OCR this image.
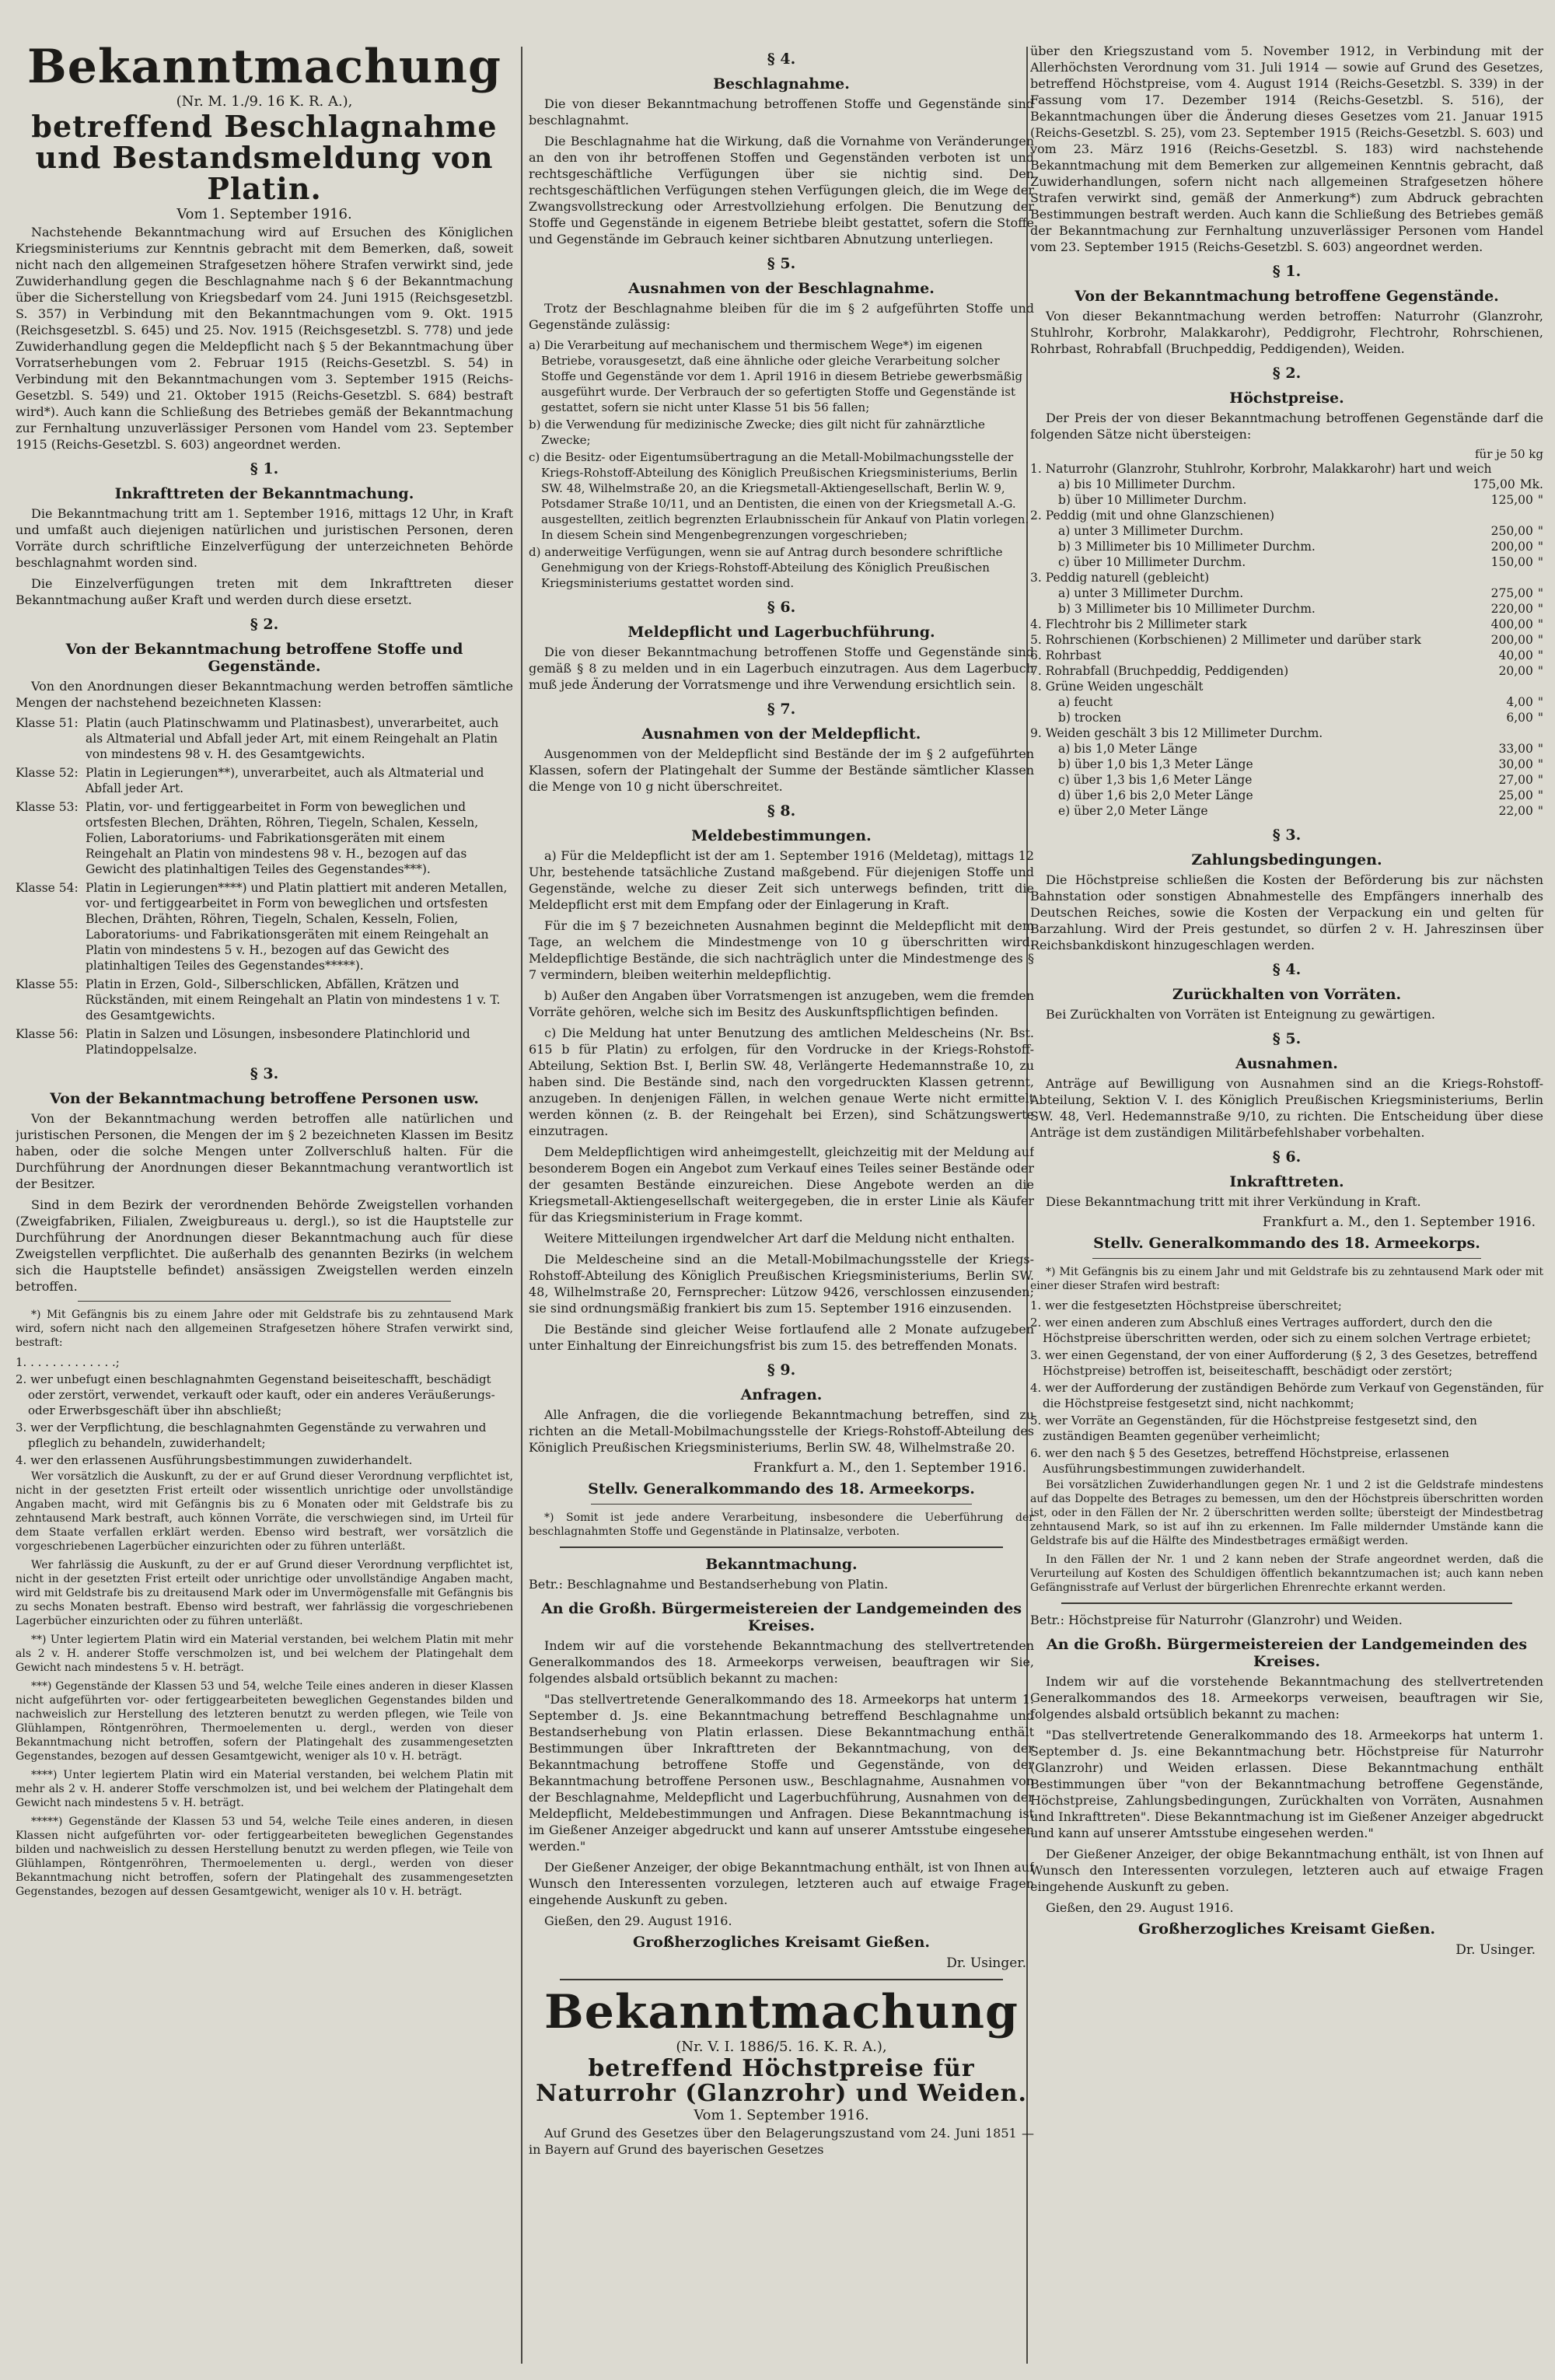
Bekanntmachung
(Nr. M. 1./9. 16 K. R. A.),
betreffend Beschlagnahme und Bestandsmeldung von Platin.
Vom 1. September 1916.

Nachstehende Bekanntmachung wird auf Ersuchen des Königlichen Kriegsministeriums zur Kenntnis gebracht mit dem Bemerken, daß, soweit nicht nach den allgemeinen Strafgesetzen höhere Strafen verwirkt sind, jede Zuwiderhandlung gegen die Beschlagnahme nach § 6 der Bekanntmachung über die Sicherstellung von Kriegsbedarf vom 24. Juni 1915 (Reichsgesetzbl. S. 357) in Verbindung mit den Bekanntmachungen vom 9. Okt. 1915 (Reichsgesetzbl. S. 645) und 25. Nov. 1915 (Reichsgesetzbl. S. 778) und jede Zuwiderhandlung gegen die Meldepflicht nach § 5 der Bekanntmachung über Vorratserhebungen vom 2. Februar 1915 (Reichs-Gesetzbl. S. 54) in Verbindung mit den Bekanntmachungen vom 3. September 1915 (Reichs-Gesetzbl. S. 549) und 21. Oktober 1915 (Reichs-Gesetzbl. S. 684) bestraft wird*). Auch kann die Schließung des Betriebes gemäß der Bekanntmachung zur Fernhaltung unzuverlässiger Personen vom Handel vom 23. September 1915 (Reichs-Gesetzbl. S. 603) angeordnet werden.

§ 1.
Inkrafttreten der Bekanntmachung.

Die Bekanntmachung tritt am 1. September 1916, mittags 12 Uhr, in Kraft und umfaßt auch diejenigen natürlichen und juristischen Personen, deren Vorräte durch schriftliche Einzelverfügung der unterzeichneten Behörde beschlagnahmt worden sind.

Die Einzelverfügungen treten mit dem Inkrafttreten dieser Bekanntmachung außer Kraft und werden durch diese ersetzt.

§ 2.
Von der Bekanntmachung betroffene Stoffe und Gegenstände.

Von den Anordnungen dieser Bekanntmachung werden betroffen sämtliche Mengen der nachstehend bezeichneten Klassen:

Klasse 51: Platin (auch Platinschwamm und Platinasbest), unverarbeitet, auch als Altmaterial und Abfall jeder Art, mit einem Reingehalt an Platin von mindestens 98 v. H. des Gesamtgewichts.
Klasse 52: Platin in Legierungen**), unverarbeitet, auch als Altmaterial und Abfall jeder Art.
Klasse 53: Platin, vor- und fertiggearbeitet in Form von beweglichen und ortsfesten Blechen, Drähten, Röhren, Tiegeln, Schalen, Kesseln, Folien, Laboratoriums- und Fabrikationsgeräten mit einem Reingehalt an Platin von mindestens 98 v. H., bezogen auf das Gewicht des platinhaltigen Teiles des Gegenstandes***).
Klasse 54: Platin in Legierungen****) und Platin plattiert mit anderen Metallen, vor- und fertiggearbeitet in Form von beweglichen und ortsfesten Blechen, Drähten, Röhren, Tiegeln, Schalen, Kesseln, Folien, Laboratoriums- und Fabrikationsgeräten mit einem Reingehalt an Platin von mindestens 5 v. H., bezogen auf das Gewicht des platinhaltigen Teiles des Gegenstandes*****).
Klasse 55: Platin in Erzen, Gold-, Silberschlicken, Abfällen, Krätzen und Rückständen, mit einem Reingehalt an Platin von mindestens 1 v. T. des Gesamtgewichts.
Klasse 56: Platin in Salzen und Lösungen, insbesondere Platinchlorid und Platindoppelsalze.
§ 3.
Von der Bekanntmachung betroffene Personen usw.

Von der Bekanntmachung werden betroffen alle natürlichen und juristischen Personen, die Mengen der im § 2 bezeichneten Klassen im Besitz haben, oder die solche Mengen unter Zollverschluß halten. Für die Durchführung der Anordnungen dieser Bekanntmachung verantwortlich ist der Besitzer.

Sind in dem Bezirk der verordnenden Behörde Zweigstellen vorhanden (Zweigfabriken, Filialen, Zweigbureaus u. dergl.), so ist die Hauptstelle zur Durchführung der Anordnungen dieser Bekanntmachung auch für diese Zweigstellen verpflichtet. Die außerhalb des genannten Bezirks (in welchem sich die Hauptstelle befindet) ansässigen Zweigstellen werden einzeln betroffen.

*) Mit Gefängnis bis zu einem Jahre oder mit Geldstrafe bis zu zehntausend Mark wird, sofern nicht nach den allgemeinen Strafgesetzen höhere Strafen verwirkt sind, bestraft:

1. . . . . . . . . . . . .;
2. wer unbefugt einen beschlagnahmten Gegenstand beiseiteschafft, beschädigt oder zerstört, verwendet, verkauft oder kauft, oder ein anderes Veräußerungs- oder Erwerbsgeschäft über ihn abschließt;
3. wer der Verpflichtung, die beschlagnahmten Gegenstände zu verwahren und pfleglich zu behandeln, zuwiderhandelt;
4. wer den erlassenen Ausführungsbestimmungen zuwiderhandelt.

Wer vorsätzlich die Auskunft, zu der er auf Grund dieser Verordnung verpflichtet ist, nicht in der gesetzten Frist erteilt oder wissentlich unrichtige oder unvollständige Angaben macht, wird mit Gefängnis bis zu 6 Monaten oder mit Geldstrafe bis zu zehntausend Mark bestraft, auch können Vorräte, die verschwiegen sind, im Urteil für dem Staate verfallen erklärt werden. Ebenso wird bestraft, wer vorsätzlich die vorgeschriebenen Lagerbücher einzurichten oder zu führen unterläßt.

Wer fahrlässig die Auskunft, zu der er auf Grund dieser Verordnung verpflichtet ist, nicht in der gesetzten Frist erteilt oder unrichtige oder unvollständige Angaben macht, wird mit Geldstrafe bis zu dreitausend Mark oder im Unvermögensfalle mit Gefängnis bis zu sechs Monaten bestraft. Ebenso wird bestraft, wer fahrlässig die vorgeschriebenen Lagerbücher einzurichten oder zu führen unterläßt.

**) Unter legiertem Platin wird ein Material verstanden, bei welchem Platin mit mehr als 2 v. H. anderer Stoffe verschmolzen ist, und bei welchem der Platingehalt dem Gewicht nach mindestens 5 v. H. beträgt.

***) Gegenstände der Klassen 53 und 54, welche Teile eines anderen in dieser Klassen nicht aufgeführten vor- oder fertiggearbeiteten beweglichen Gegenstandes bilden und nachweislich zur Herstellung des letzteren benutzt zu werden pflegen, wie Teile von Glühlampen, Röntgenröhren, Thermoelementen u. dergl., werden von dieser Bekanntmachung nicht betroffen, sofern der Platingehalt des zusammengesetzten Gegenstandes, bezogen auf dessen Gesamtgewicht, weniger als 10 v. H. beträgt.

****) Unter legiertem Platin wird ein Material verstanden, bei welchem Platin mit mehr als 2 v. H. anderer Stoffe verschmolzen ist, und bei welchem der Platingehalt dem Gewicht nach mindestens 5 v. H. beträgt.

*****) Gegenstände der Klassen 53 und 54, welche Teile eines anderen, in diesen Klassen nicht aufgeführten vor- oder fertiggearbeiteten beweglichen Gegenstandes bilden und nachweislich zu dessen Herstellung benutzt zu werden pflegen, wie Teile von Glühlampen, Röntgenröhren, Thermoelementen u. dergl., werden von dieser Bekanntmachung nicht betroffen, sofern der Platingehalt des zusammengesetzten Gegenstandes, bezogen auf dessen Gesamtgewicht, weniger als 10 v. H. beträgt.

§ 4.
Beschlagnahme.

Die von dieser Bekanntmachung betroffenen Stoffe und Gegenstände sind beschlagnahmt.

Die Beschlagnahme hat die Wirkung, daß die Vornahme von Veränderungen an den von ihr betroffenen Stoffen und Gegenständen verboten ist und rechtsgeschäftliche Verfügungen über sie nichtig sind. Den rechtsgeschäftlichen Verfügungen stehen Verfügungen gleich, die im Wege der Zwangsvollstreckung oder Arrestvollziehung erfolgen. Die Benutzung der Stoffe und Gegenstände in eigenem Betriebe bleibt gestattet, sofern die Stoffe und Gegenstände im Gebrauch keiner sichtbaren Abnutzung unterliegen.

§ 5.
Ausnahmen von der Beschlagnahme.

Trotz der Beschlagnahme bleiben für die im § 2 aufgeführten Stoffe und Gegenstände zulässig:

a) Die Verarbeitung auf mechanischem und thermischem Wege*) im eigenen Betriebe, vorausgesetzt, daß eine ähnliche oder gleiche Verarbeitung solcher Stoffe und Gegenstände vor dem 1. April 1916 in diesem Betriebe gewerbsmäßig ausgeführt wurde. Der Verbrauch der so gefertigten Stoffe und Gegenstände ist gestattet, sofern sie nicht unter Klasse 51 bis 56 fallen;
b) die Verwendung für medizinische Zwecke; dies gilt nicht für zahnärztliche Zwecke;
c) die Besitz- oder Eigentumsübertragung an die Metall-Mobilmachungsstelle der Kriegs-Rohstoff-Abteilung des Königlich Preußischen Kriegsministeriums, Berlin SW. 48, Wilhelmstraße 20, an die Kriegsmetall-Aktiengesellschaft, Berlin W. 9, Potsdamer Straße 10/11, und an Dentisten, die einen von der Kriegsmetall A.-G. ausgestellten, zeitlich begrenzten Erlaubnisschein für Ankauf von Platin vorlegen. In diesem Schein sind Mengenbegrenzungen vorgeschrieben;
d) anderweitige Verfügungen, wenn sie auf Antrag durch besondere schriftliche Genehmigung von der Kriegs-Rohstoff-Abteilung des Königlich Preußischen Kriegsministeriums gestattet worden sind.
§ 6.
Meldepflicht und Lagerbuchführung.

Die von dieser Bekanntmachung betroffenen Stoffe und Gegenstände sind gemäß § 8 zu melden und in ein Lagerbuch einzutragen. Aus dem Lagerbuch muß jede Änderung der Vorratsmenge und ihre Verwendung ersichtlich sein.

§ 7.
Ausnahmen von der Meldepflicht.

Ausgenommen von der Meldepflicht sind Bestände der im § 2 aufgeführten Klassen, sofern der Platingehalt der Summe der Bestände sämtlicher Klassen die Menge von 10 g nicht überschreitet.

§ 8.
Meldebestimmungen.

a) Für die Meldepflicht ist der am 1. September 1916 (Meldetag), mittags 12 Uhr, bestehende tatsächliche Zustand maßgebend. Für diejenigen Stoffe und Gegenstände, welche zu dieser Zeit sich unterwegs befinden, tritt die Meldepflicht erst mit dem Empfang oder der Einlagerung in Kraft.

Für die im § 7 bezeichneten Ausnahmen beginnt die Meldepflicht mit dem Tage, an welchem die Mindestmenge von 10 g überschritten wird. Meldepflichtige Bestände, die sich nachträglich unter die Mindestmenge des § 7 vermindern, bleiben weiterhin meldepflichtig.

b) Außer den Angaben über Vorratsmengen ist anzugeben, wem die fremden Vorräte gehören, welche sich im Besitz des Auskunftspflichtigen befinden.

c) Die Meldung hat unter Benutzung des amtlichen Meldescheins (Nr. Bst. 615 b für Platin) zu erfolgen, für den Vordrucke in der Kriegs-Rohstoff-Abteilung, Sektion Bst. I, Berlin SW. 48, Verlängerte Hedemannstraße 10, zu haben sind. Die Bestände sind, nach den vorgedruckten Klassen getrennt, anzugeben. In denjenigen Fällen, in welchen genaue Werte nicht ermittelt werden können (z. B. der Reingehalt bei Erzen), sind Schätzungswerte einzutragen.

Dem Meldepflichtigen wird anheimgestellt, gleichzeitig mit der Meldung auf besonderem Bogen ein Angebot zum Verkauf eines Teiles seiner Bestände oder der gesamten Bestände einzureichen. Diese Angebote werden an die Kriegsmetall-Aktiengesellschaft weitergegeben, die in erster Linie als Käufer für das Kriegsministerium in Frage kommt.

Weitere Mitteilungen irgendwelcher Art darf die Meldung nicht enthalten.

Die Meldescheine sind an die Metall-Mobilmachungsstelle der Kriegs-Rohstoff-Abteilung des Königlich Preußischen Kriegsministeriums, Berlin SW. 48, Wilhelmstraße 20, Fernsprecher: Lützow 9426, verschlossen einzusenden; sie sind ordnungsmäßig frankiert bis zum 15. September 1916 einzusenden.

Die Bestände sind gleicher Weise fortlaufend alle 2 Monate aufzugeben unter Einhaltung der Einreichungsfrist bis zum 15. des betreffenden Monats.

§ 9.
Anfragen.

Alle Anfragen, die die vorliegende Bekanntmachung betreffen, sind zu richten an die Metall-Mobilmachungsstelle der Kriegs-Rohstoff-Abteilung des Königlich Preußischen Kriegsministeriums, Berlin SW. 48, Wilhelmstraße 20.

Frankfurt a. M., den 1. September 1916.
Stellv. Generalkommando des 18. Armeekorps.

*) Somit ist jede andere Verarbeitung, insbesondere die Ueberführung der beschlagnahmten Stoffe und Gegenstände in Platinsalze, verboten.

Bekanntmachung.

Betr.: Beschlagnahme und Bestandserhebung von Platin.

An die Großh. Bürgermeistereien der Landgemeinden des Kreises.

Indem wir auf die vorstehende Bekanntmachung des stellvertretenden Generalkommandos des 18. Armeekorps verweisen, beauftragen wir Sie, folgendes alsbald ortsüblich bekannt zu machen:

"Das stellvertretende Generalkommando des 18. Armeekorps hat unterm 1. September d. Js. eine Bekanntmachung betreffend Beschlagnahme und Bestandserhebung von Platin erlassen. Diese Bekanntmachung enthält Bestimmungen über Inkrafttreten der Bekanntmachung, von der Bekanntmachung betroffene Stoffe und Gegenstände, von der Bekanntmachung betroffene Personen usw., Beschlagnahme, Ausnahmen von der Beschlagnahme, Meldepflicht und Lagerbuchführung, Ausnahmen von der Meldepflicht, Meldebestimmungen und Anfragen. Diese Bekanntmachung ist im Gießener Anzeiger abgedruckt und kann auf unserer Amtsstube eingesehen werden."

Der Gießener Anzeiger, der obige Bekanntmachung enthält, ist von Ihnen auf Wunsch den Interessenten vorzulegen, letzteren auch auf etwaige Fragen eingehende Auskunft zu geben.

Gießen, den 29. August 1916.

Großherzogliches Kreisamt Gießen.
Dr. Usinger.
Bekanntmachung
(Nr. V. I. 1886/5. 16. K. R. A.),
betreffend Höchstpreise für Naturrohr (Glanzrohr) und Weiden.
Vom 1. September 1916.

Auf Grund des Gesetzes über den Belagerungszustand vom 24. Juni 1851 — in Bayern auf Grund des bayerischen Gesetzes

über den Kriegszustand vom 5. November 1912, in Verbindung mit der Allerhöchsten Verordnung vom 31. Juli 1914 — sowie auf Grund des Gesetzes, betreffend Höchstpreise, vom 4. August 1914 (Reichs-Gesetzbl. S. 339) in der Fassung vom 17. Dezember 1914 (Reichs-Gesetzbl. S. 516), der Bekanntmachungen über die Änderung dieses Gesetzes vom 21. Januar 1915 (Reichs-Gesetzbl. S. 25), vom 23. September 1915 (Reichs-Gesetzbl. S. 603) und vom 23. März 1916 (Reichs-Gesetzbl. S. 183) wird nachstehende Bekanntmachung mit dem Bemerken zur allgemeinen Kenntnis gebracht, daß Zuwiderhandlungen, sofern nicht nach allgemeinen Strafgesetzen höhere Strafen verwirkt sind, gemäß der Anmerkung*) zum Abdruck gebrachten Bestimmungen bestraft werden. Auch kann die Schließung des Betriebes gemäß der Bekanntmachung zur Fernhaltung unzuverlässiger Personen vom Handel vom 23. September 1915 (Reichs-Gesetzbl. S. 603) angeordnet werden.

§ 1.
Von der Bekanntmachung betroffene Gegenstände.

Von dieser Bekanntmachung werden betroffen: Naturrohr (Glanzrohr, Stuhlrohr, Korbrohr, Malakkarohr), Peddigrohr, Flechtrohr, Rohrschienen, Rohrbast, Rohrabfall (Bruchpeddig, Peddigenden), Weiden.

§ 2.
Höchstpreise.

Der Preis der von dieser Bekanntmachung betroffenen Gegenstände darf die folgenden Sätze nicht übersteigen:

für je 50 kg
1. Naturrohr (Glanzrohr, Stuhlrohr, Korbrohr, Malakkarohr) hart und weich
a) bis 10 Millimeter Durchm.	175,00 Mk.
b) über 10 Millimeter Durchm.	125,00 "
2. Peddig (mit und ohne Glanzschienen)
a) unter 3 Millimeter Durchm.	250,00 "
b) 3 Millimeter bis 10 Millimeter Durchm.	200,00 "
c) über 10 Millimeter Durchm.	150,00 "
3. Peddig naturell (gebleicht)
a) unter 3 Millimeter Durchm.	275,00 "
b) 3 Millimeter bis 10 Millimeter Durchm.	220,00 "
4. Flechtrohr bis 2 Millimeter stark	400,00 "
5. Rohrschienen (Korbschienen) 2 Millimeter und darüber stark	200,00 "
6. Rohrbast	40,00 "
7. Rohrabfall (Bruchpeddig, Peddigenden)	20,00 "
8. Grüne Weiden ungeschält
a) feucht	4,00 "
b) trocken	6,00 "
9. Weiden geschält 3 bis 12 Millimeter Durchm.
a) bis 1,0 Meter Länge	33,00 "
b) über 1,0 bis 1,3 Meter Länge	30,00 "
c) über 1,3 bis 1,6 Meter Länge	27,00 "
d) über 1,6 bis 2,0 Meter Länge	25,00 "
e) über 2,0 Meter Länge	22,00 "
§ 3.
Zahlungsbedingungen.

Die Höchstpreise schließen die Kosten der Beförderung bis zur nächsten Bahnstation oder sonstigen Abnahmestelle des Empfängers innerhalb des Deutschen Reiches, sowie die Kosten der Verpackung ein und gelten für Barzahlung. Wird der Preis gestundet, so dürfen 2 v. H. Jahreszinsen über Reichsbankdiskont hinzugeschlagen werden.

§ 4.
Zurückhalten von Vorräten.

Bei Zurückhalten von Vorräten ist Enteignung zu gewärtigen.

§ 5.
Ausnahmen.

Anträge auf Bewilligung von Ausnahmen sind an die Kriegs-Rohstoff-Abteilung, Sektion V. I. des Königlich Preußischen Kriegsministeriums, Berlin SW. 48, Verl. Hedemannstraße 9/10, zu richten. Die Entscheidung über diese Anträge ist dem zuständigen Militärbefehlshaber vorbehalten.

§ 6.
Inkrafttreten.

Diese Bekanntmachung tritt mit ihrer Verkündung in Kraft.

Frankfurt a. M., den 1. September 1916.
Stellv. Generalkommando des 18. Armeekorps.

*) Mit Gefängnis bis zu einem Jahr und mit Geldstrafe bis zu zehntausend Mark oder mit einer dieser Strafen wird bestraft:

1. wer die festgesetzten Höchstpreise überschreitet;
2. wer einen anderen zum Abschluß eines Vertrages auffordert, durch den die Höchstpreise überschritten werden, oder sich zu einem solchen Vertrage erbietet;
3. wer einen Gegenstand, der von einer Aufforderung (§ 2, 3 des Gesetzes, betreffend Höchstpreise) betroffen ist, beiseiteschafft, beschädigt oder zerstört;
4. wer der Aufforderung der zuständigen Behörde zum Verkauf von Gegenständen, für die Höchstpreise festgesetzt sind, nicht nachkommt;
5. wer Vorräte an Gegenständen, für die Höchstpreise festgesetzt sind, den zuständigen Beamten gegenüber verheimlicht;
6. wer den nach § 5 des Gesetzes, betreffend Höchstpreise, erlassenen Ausführungsbestimmungen zuwiderhandelt.

Bei vorsätzlichen Zuwiderhandlungen gegen Nr. 1 und 2 ist die Geldstrafe mindestens auf das Doppelte des Betrages zu bemessen, um den der Höchstpreis überschritten worden ist, oder in den Fällen der Nr. 2 überschritten werden sollte; übersteigt der Mindestbetrag zehntausend Mark, so ist auf ihn zu erkennen. Im Falle mildernder Umstände kann die Geldstrafe bis auf die Hälfte des Mindestbetrages ermäßigt werden.

In den Fällen der Nr. 1 und 2 kann neben der Strafe angeordnet werden, daß die Verurteilung auf Kosten des Schuldigen öffentlich bekanntzumachen ist; auch kann neben Gefängnisstrafe auf Verlust der bürgerlichen Ehrenrechte erkannt werden.

Betr.: Höchstpreise für Naturrohr (Glanzrohr) und Weiden.

An die Großh. Bürgermeistereien der Landgemeinden des Kreises.

Indem wir auf die vorstehende Bekanntmachung des stellvertretenden Generalkommandos des 18. Armeekorps verweisen, beauftragen wir Sie, folgendes alsbald ortsüblich bekannt zu machen:

"Das stellvertretende Generalkommando des 18. Armeekorps hat unterm 1. September d. Js. eine Bekanntmachung betr. Höchstpreise für Naturrohr (Glanzrohr) und Weiden erlassen. Diese Bekanntmachung enthält Bestimmungen über "von der Bekanntmachung betroffene Gegenstände, Höchstpreise, Zahlungsbedingungen, Zurückhalten von Vorräten, Ausnahmen und Inkrafttreten". Diese Bekanntmachung ist im Gießener Anzeiger abgedruckt und kann auf unserer Amtsstube eingesehen werden."

Der Gießener Anzeiger, der obige Bekanntmachung enthält, ist von Ihnen auf Wunsch den Interessenten vorzulegen, letzteren auch auf etwaige Fragen eingehende Auskunft zu geben.

Gießen, den 29. August 1916.

Großherzogliches Kreisamt Gießen.
Dr. Usinger.
